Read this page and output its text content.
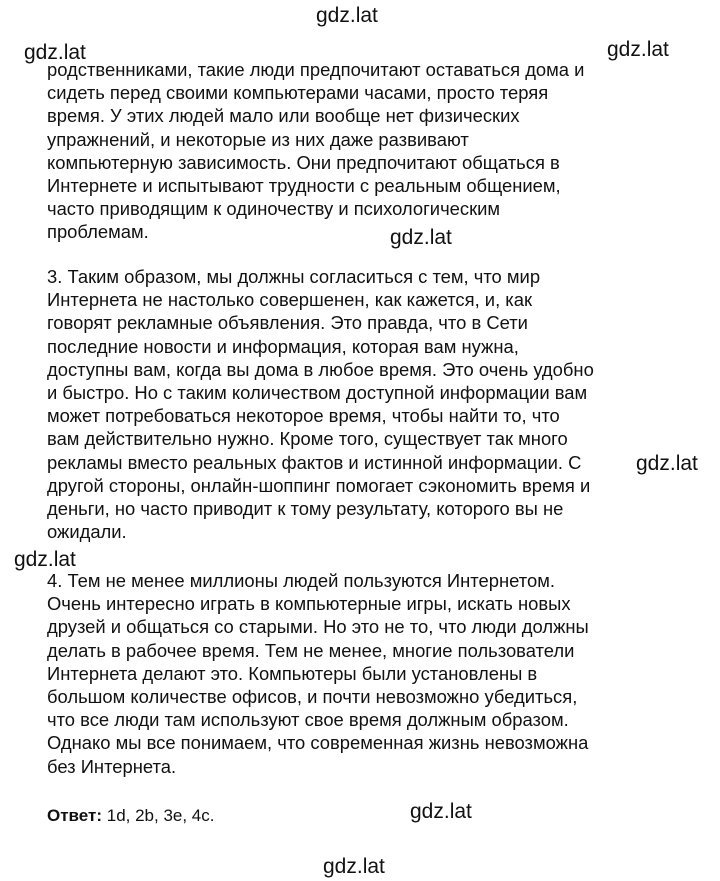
gdz.lat
gdz.lat	gdz.lat
gdz.lat
gdz.lat
gdz.lat
gdz.lat
gdz.lat
родственниками, такие люди предпочитают оставаться дома и
сидеть перед своими компьютерами часами, просто теряя
время. У этих людей мало или вообще нет физических
упражнений, и некоторые из них даже развивают
компьютерную зависимость. Они предпочитают общаться в
Интернете и испытывают трудности с реальным общением,
часто приводящим к одиночеству и психологическим
проблемам.
3. Таким образом, мы должны согласиться с тем, что мир
Интернета не настолько совершенен, как кажется, и, как
говорят рекламные объявления. Это правда, что в Сети
последние новости и информация, которая вам нужна,
доступны вам, когда вы дома в любое время. Это очень удобно
и быстро. Но с таким количеством доступной информации вам
может потребоваться некоторое время, чтобы найти то, что
вам действительно нужно. Кроме того, существует так много
рекламы вместо реальных фактов и истинной информации. С
другой стороны, онлайн-шоппинг помогает сэкономить время и
деньги, но часто приводит к тому результату, которого вы не
ожидали.
4. Тем не менее миллионы людей пользуются Интернетом.
Очень интересно играть в компьютерные игры, искать новых
друзей и общаться со старыми. Но это не то, что люди должны
делать в рабочее время. Тем не менее, многие пользователи
Интернета делают это. Компьютеры были установлены в
большом количестве офисов, и почти невозможно убедиться,
что все люди там используют свое время должным образом.
Однако мы все понимаем, что современная жизнь невозможна
без Интернета.
Ответ: 1d, 2b, 3e, 4c.
